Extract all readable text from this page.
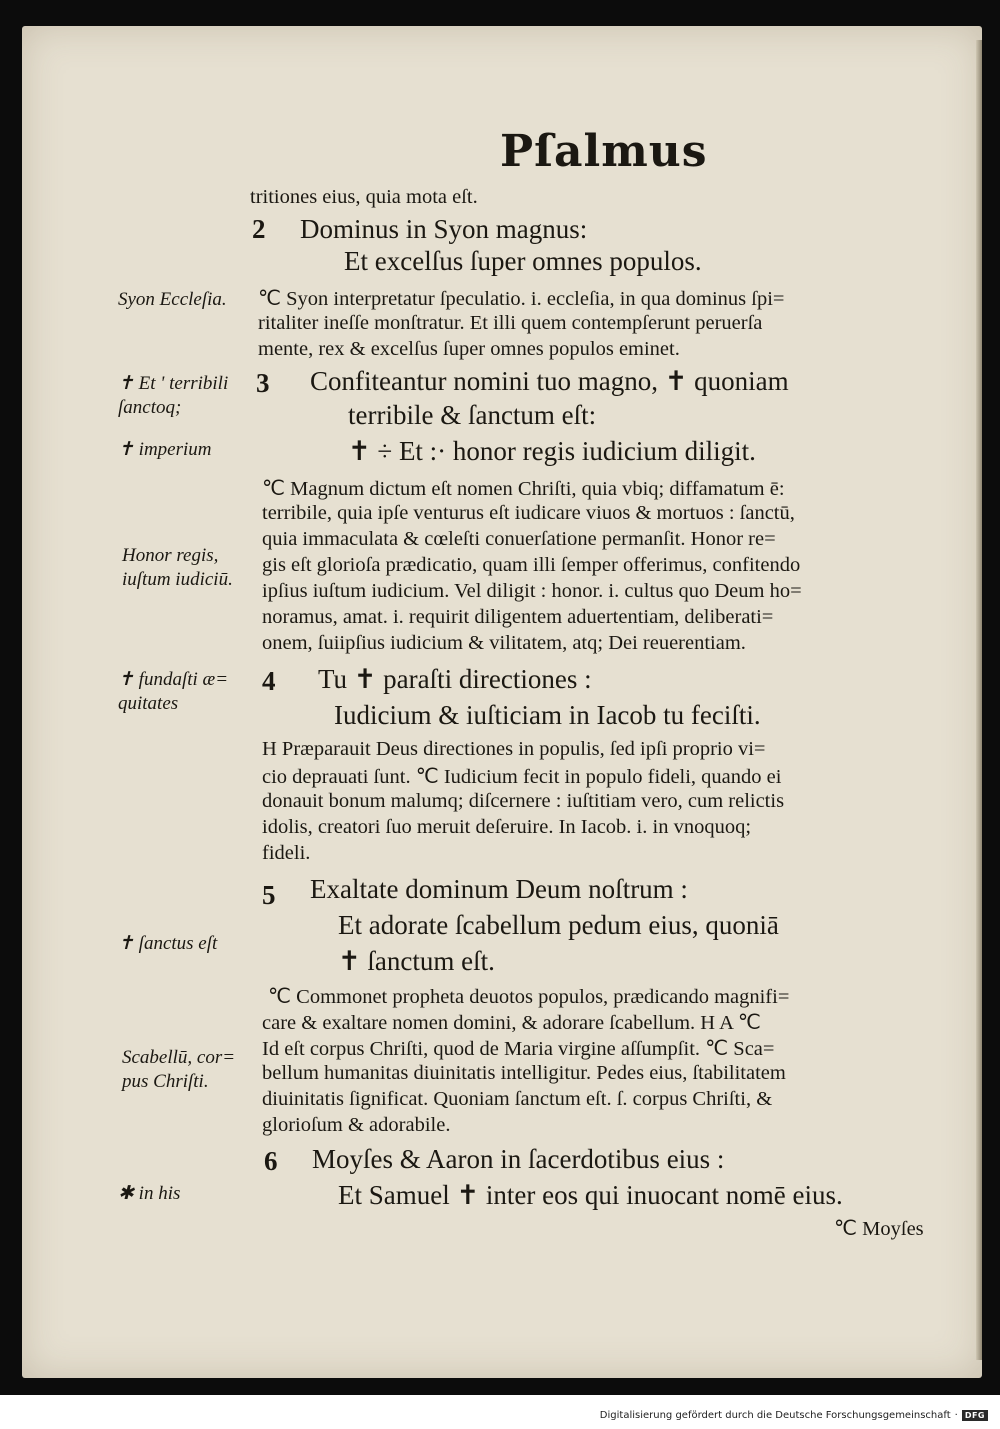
Pſalmus
tritiones eius, quia mota eſt.
Dominus in Syon magnus:
Et excelſus ſuper omnes populos.
℃ Syon interpretatur ſpeculatio. i. eccleſia, in qua dominus ſpi=
ritaliter ineſſe monſtratur. Et illi quem contempſerunt peruerſa
mente, rex & excelſus ſuper omnes populos eminet.
Confiteantur nomini tuo magno, ✝ quoniam
terribile & ſanctum eſt:
✝ ÷ Et :· honor regis iudicium diligit.
℃ Magnum dictum eſt nomen Chriſti, quia vbiq; diffamatum ē:
terribile, quia ipſe venturus eſt iudicare viuos & mortuos : ſanctū,
quia immaculata & cœleſti conuerſatione permanſit. Honor re=
gis eſt glorioſa prædicatio, quam illi ſemper offerimus, confitendo
ipſius iuſtum iudicium. Vel diligit : honor. i. cultus quo Deum ho=
noramus, amat. i. requirit diligentem aduertentiam, deliberati=
onem, ſuiipſius iudicium & vilitatem, atq; Dei reuerentiam.
Tu ✝ paraſti directiones :
Iudicium & iuſticiam in Iacob tu feciſti.
H Præparauit Deus directiones in populis, ſed ipſi proprio vi=
cio deprauati ſunt. ℃ Iudicium fecit in populo fideli, quando ei
donauit bonum malumq; diſcernere : iuſtitiam vero, cum relictis
idolis, creatori ſuo meruit deſeruire. In Iacob. i. in vnoquoq;
fideli.
Exaltate dominum Deum noſtrum :
Et adorate ſcabellum pedum eius, quoniā
✝ ſanctum eſt.
℃ Commonet propheta deuotos populos, prædicando magnifi=
care & exaltare nomen domini, & adorare ſcabellum. H A ℃
Id eſt corpus Chriſti, quod de Maria virgine aſſumpſit. ℃ Sca=
bellum humanitas diuinitatis intelligitur. Pedes eius, ſtabilitatem
diuinitatis ſignificat. Quoniam ſanctum eſt. ſ. corpus Chriſti, &
glorioſum & adorabile.
Moyſes & Aaron in ſacerdotibus eius :
Et Samuel ✝ inter eos qui inuocant nomē eius.
℃ Moyſes
2
3
4
5
6
Syon Eccleſia.
✝ Et ' terribili
ſanctoq;
✝ imperium
Honor regis,
iuſtum iudiciū.
✝ fundaſti æ=
quitates
✝ ſanctus eſt
Scabellū, cor=
pus Chriſti.
✱ in his
Digitalisierung gefördert durch die Deutsche Forschungsgemeinschaft · DFG
